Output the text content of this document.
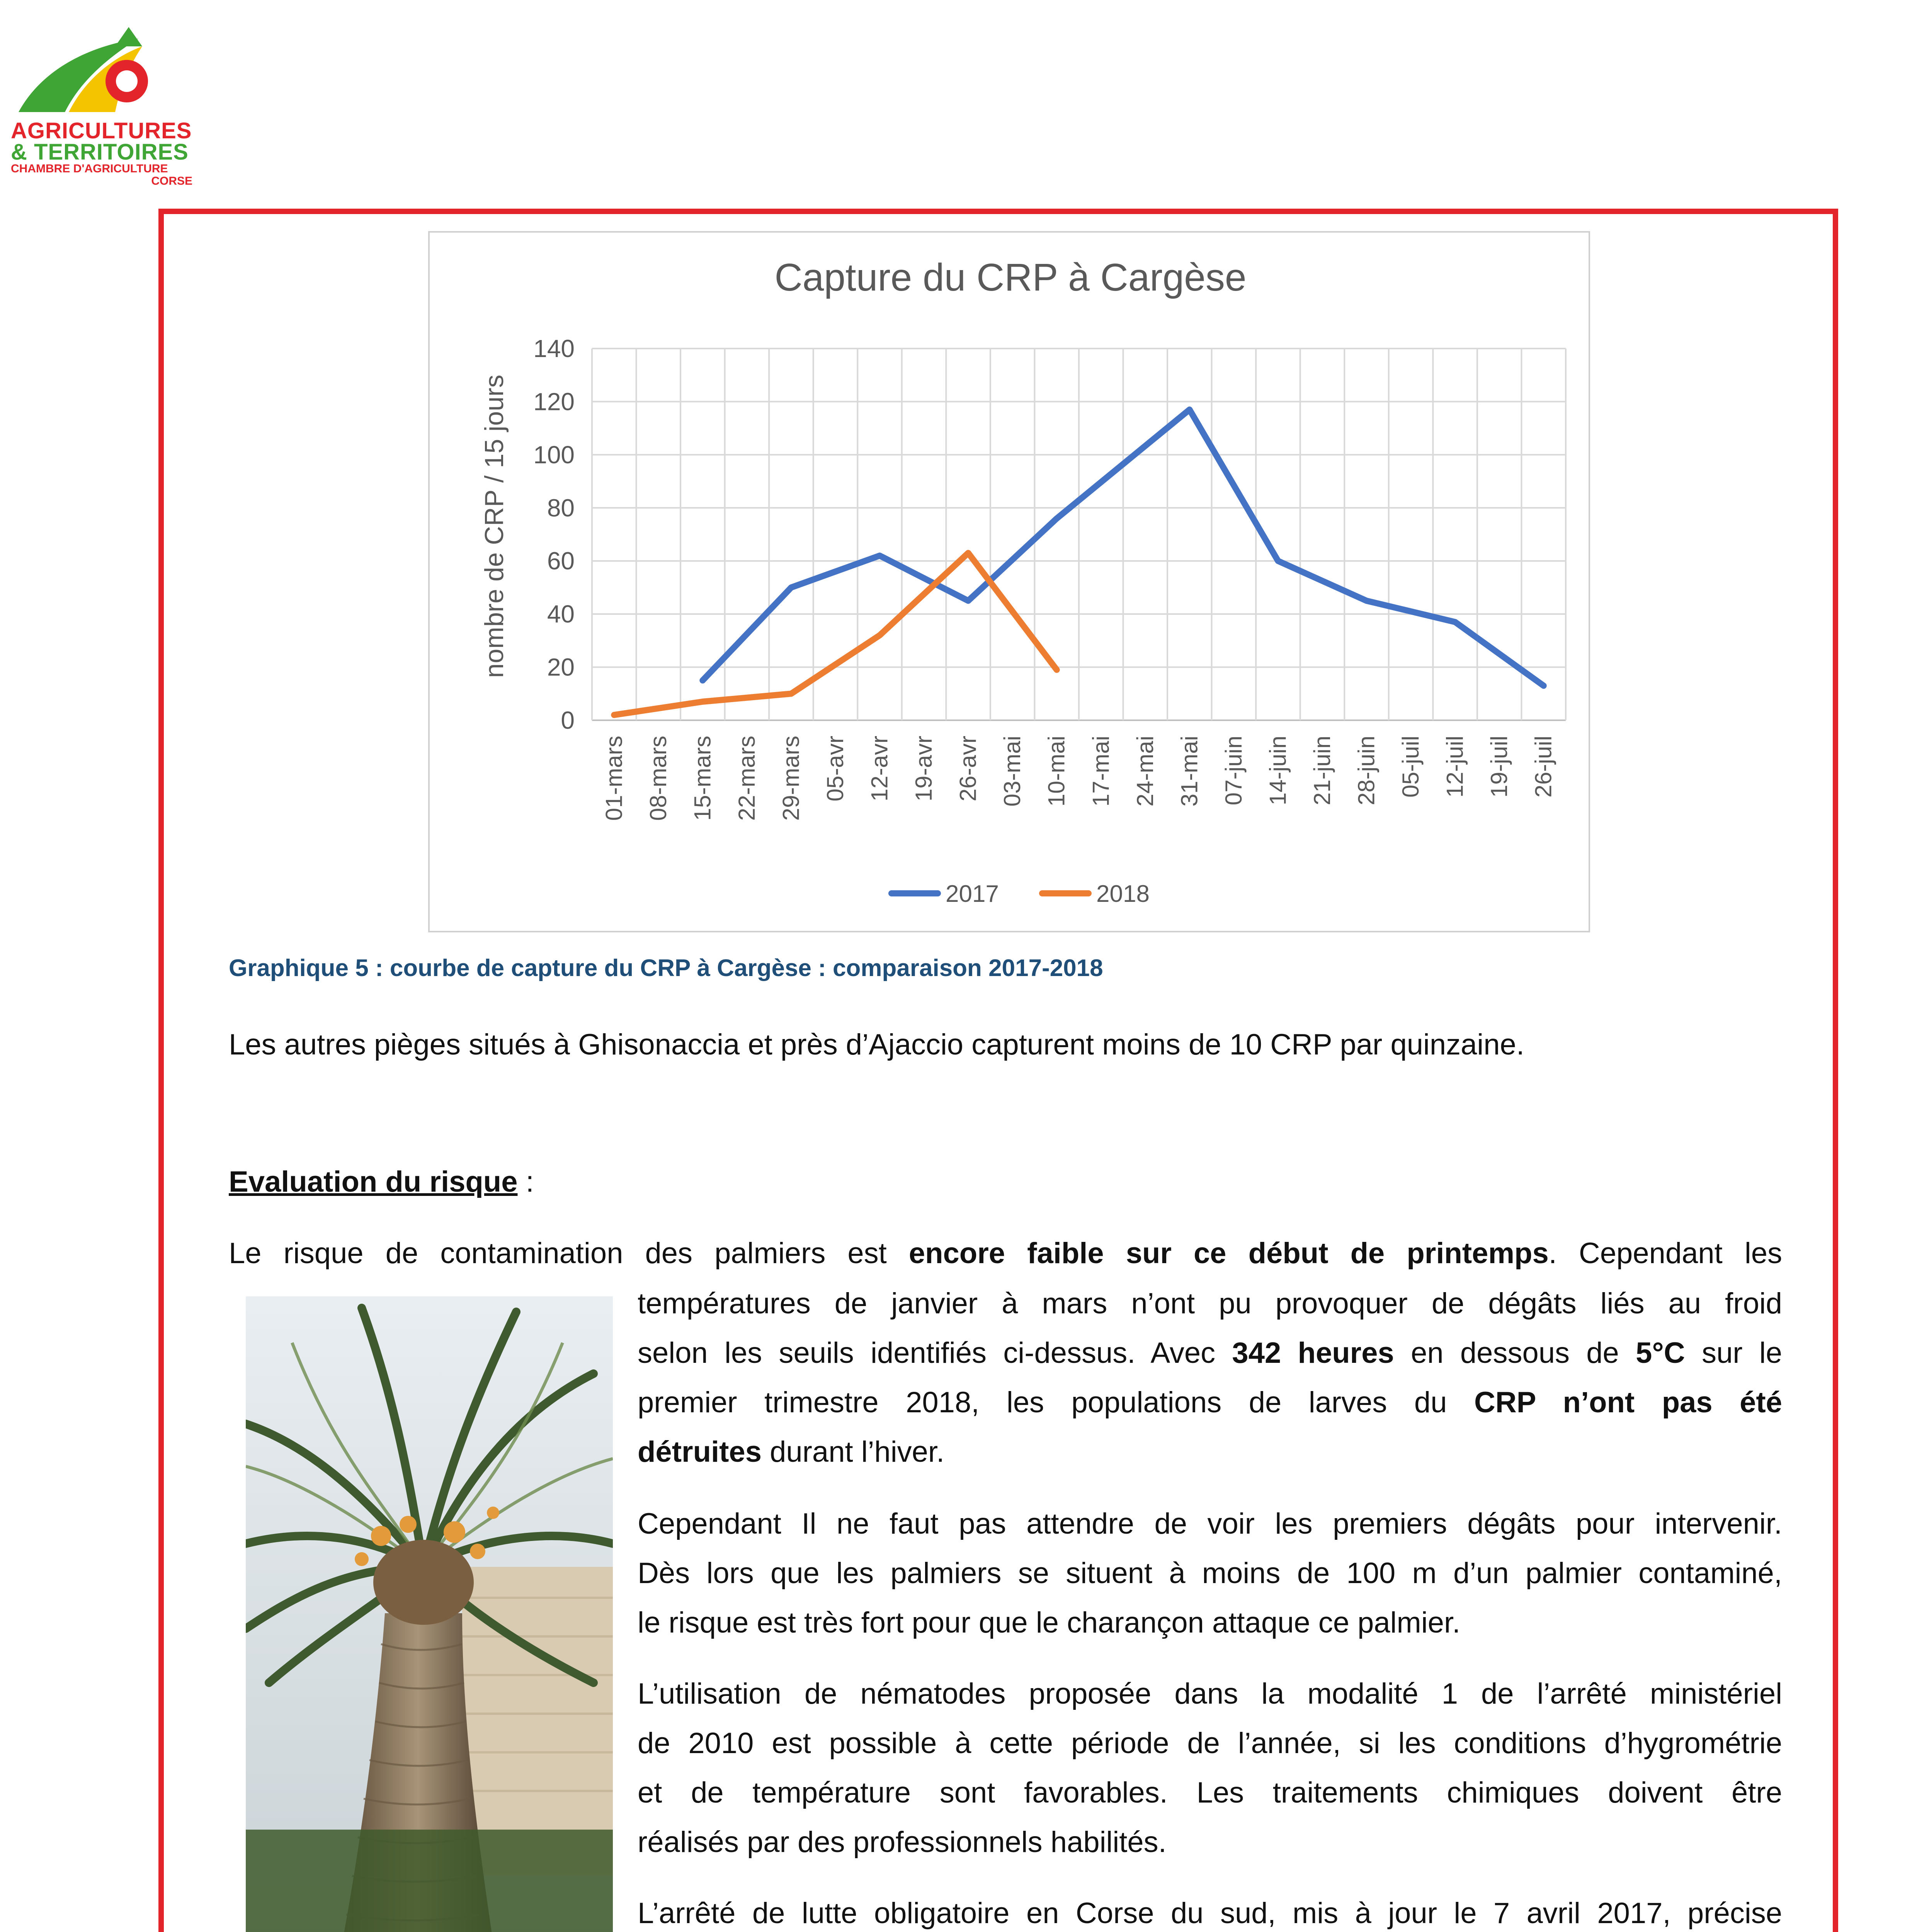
AGRICULTURES
& TERRITOIRES
CHAMBRE D'AGRICULTURE
CORSE
Capture du CRP à Cargèse
nombre de CRP / 15 jours
0
20
40
60
80
100
120
140
01-mars 08-mars 15-mars 22-mars 29-mars 05-avr 12-avr 19-avr 26-avr 03-mai 10-mai 17-mai 24-mai 31-mai 07-juin 14-juin 21-juin 28-juin 05-juil 12-juil 19-juil 26-juil
2017	2018
Graphique 5 : courbe de capture du CRP à Cargèse : comparaison 2017-2018
Les autres pièges situés à Ghisonaccia et près d’Ajaccio capturent moins de 10 CRP par quinzaine.
Evaluation du risque :
Le risque de contamination des palmiers est encore faible sur ce début de printemps. Cependant les
températures de janvier à mars n’ont pu provoquer de dégâts liés au froid
selon les seuils identifiés ci-dessus. Avec 342 heures en dessous de 5°C sur le
premier trimestre 2018, les populations de larves du CRP n’ont pas été
détruites durant l’hiver.
Cependant Il ne faut pas attendre de voir les premiers dégâts pour intervenir.
Dès lors que les palmiers se situent à moins de 100 m d’un palmier contaminé,
le risque est très fort pour que le charançon attaque ce palmier.
L’utilisation de nématodes proposée dans la modalité 1 de l’arrêté ministériel
de 2010 est possible à cette période de l’année, si les conditions d’hygrométrie
et de température sont favorables. Les traitements chimiques doivent être
réalisés par des professionnels habilités.
L’arrêté de lutte obligatoire en Corse du sud, mis à jour le 7 avril 2017, précise
